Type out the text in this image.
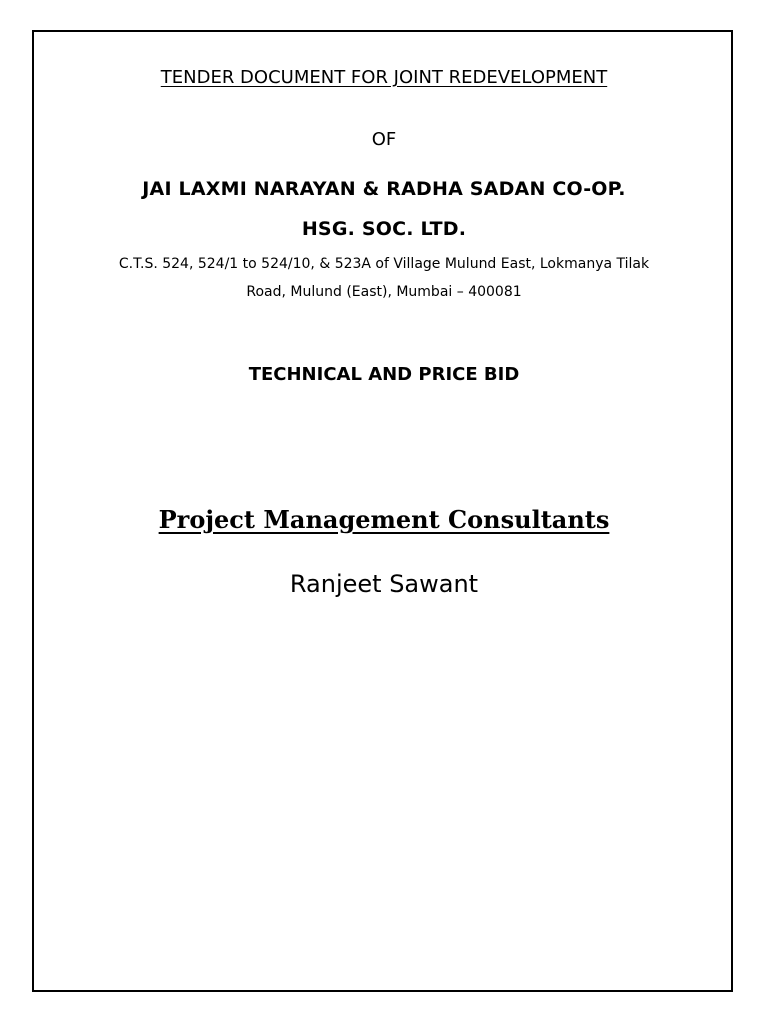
TENDER DOCUMENT FOR JOINT REDEVELOPMENT
OF
JAI LAXMI NARAYAN & RADHA SADAN CO-OP.
HSG. SOC. LTD.
C.T.S. 524, 524/1 to 524/10, & 523A of Village Mulund East, Lokmanya Tilak
Road, Mulund (East), Mumbai – 400081
TECHNICAL AND PRICE BID
Project Management Consultants
Ranjeet Sawant
